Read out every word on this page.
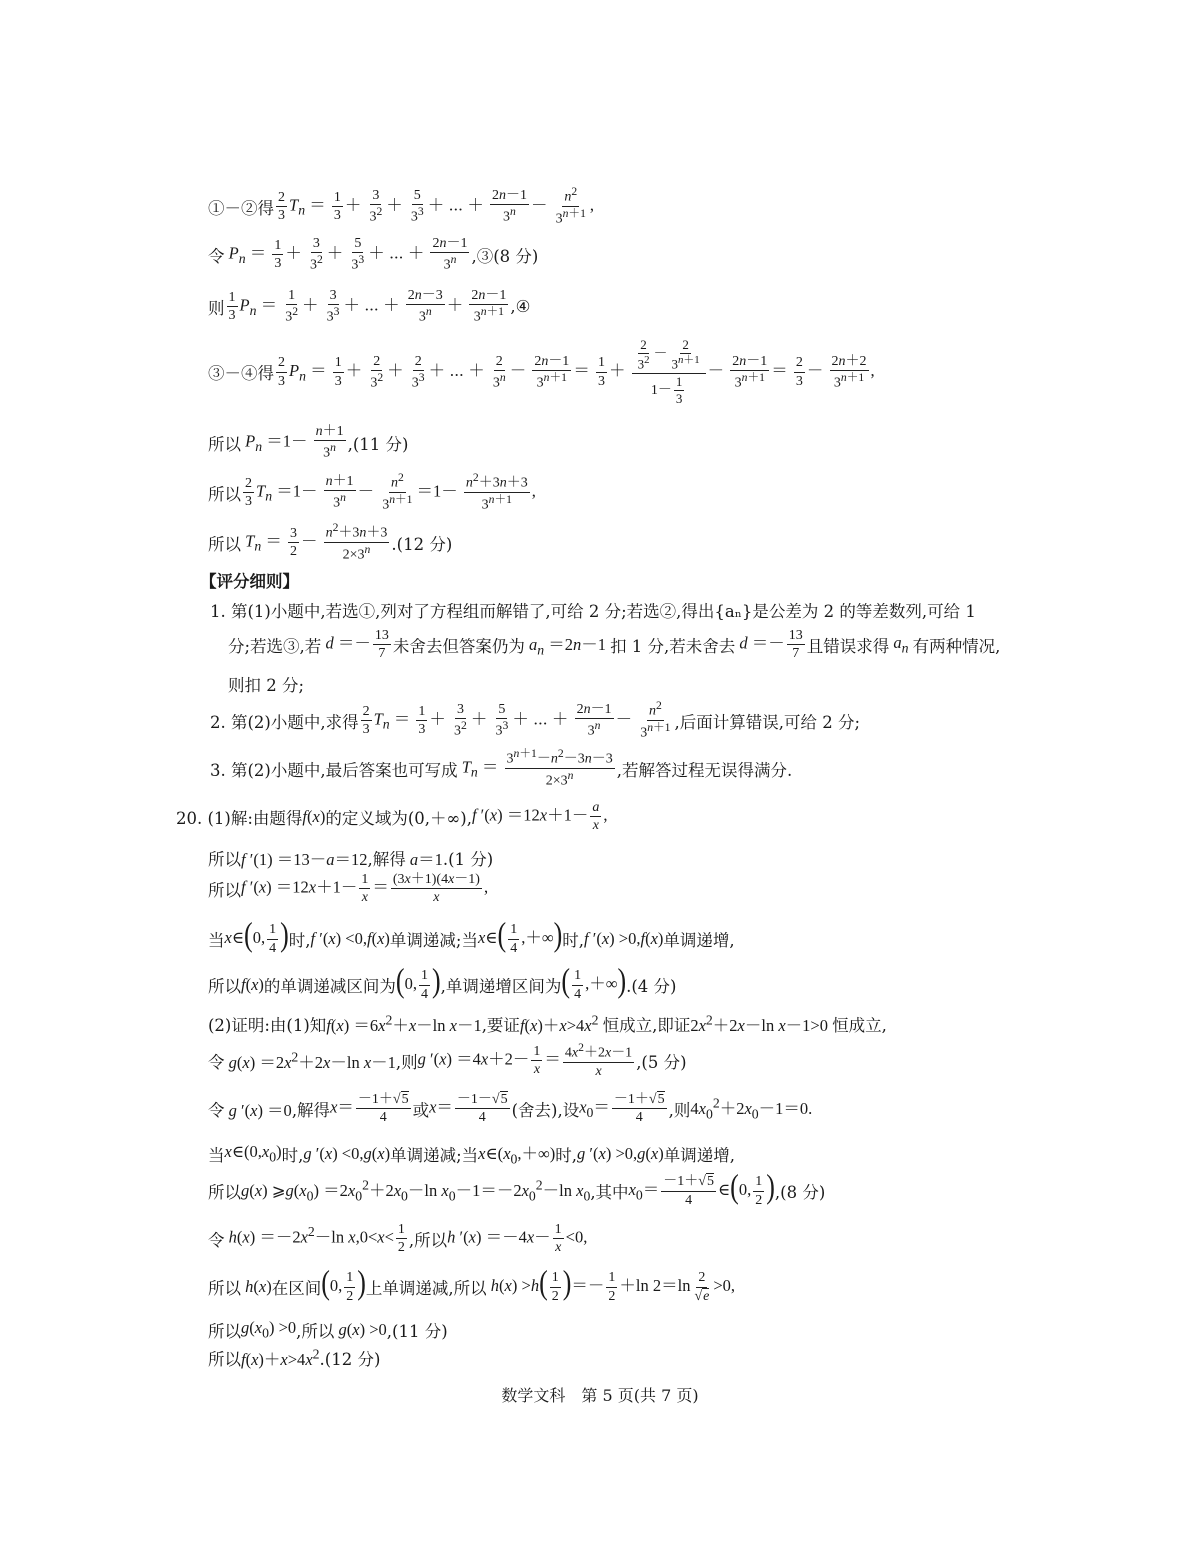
①－②得 $\frac{2}{3} T_n = \frac{1}{3} + \frac{3}{3^2} + \frac{5}{3^3}$ ＋ ⋯ ＋ $\frac{2n-1}{3^n} - \frac{n^2}{3^{n+1}}$ ,
令 $P_n = \frac{1}{3} + \frac{3}{3^2} + \frac{5}{3^3}$ ＋ ⋯ ＋ $\frac{2n-1}{3^n}$ ,③(8 分)
则 $\frac{1}{3} P_n = \frac{1}{3^2} + \frac{3}{3^3}$ ＋ ⋯ ＋ $\frac{2n-3}{3^n} + \frac{2n-1}{3^{n+1}}$ ,④
③－④得 $\frac{2}{3} P_n = \frac{1}{3} + \frac{2}{3^2} + \frac{2}{3^3}$ ＋ ⋯ ＋ $\frac{2}{3^n} - \frac{2n-1}{3^{n+1}} = \frac{1}{3} + \frac{\frac{2}{3^2} - \frac{2}{3^{n+1}}}{1- \frac{1}{3}} - \frac{2n-1}{3^{n+1}} = \frac{2}{3} - \frac{2n+2}{3^{n+1}}$ ,
所以 $P_n =1- \frac{n+1}{3^n} ,(11$ 分)
所以 $\frac{2}{3} T_n =1- \frac{n+1}{3^n} - \frac{n^2}{3^{n+1}} =1- \frac{n^2+3n+3}{3^{n+1}}$ ,
所以 $T_n = \frac{3}{2} - \frac{n^2+3n+3}{2\times 3^n} .(12$ 分)
【评分细则】
1. 第(1)小题中,若选①,列对了方程组而解错了,可给 2 分;若选②,得出{aₙ}是公差为 2 的等差数列,可给 1
分;若选③,若 $d =- \frac{13}{7}$ 未舍去但答案仍为 $a_n =2n-1$ 扣 1 分,若未舍去 $d =- \frac{13}{7}$ 且错误求得 $a_n$ 有两种情况,
则扣 2 分;
2. 第(2)小题中,求得 $\frac{2}{3} T_n = \frac{1}{3} + \frac{3}{3^2} + \frac{5}{3^3}$ ＋ ⋯ ＋ $\frac{2n-1}{3^n} - \frac{n^2}{3^{n+1}}$ ,后面计算错误,可给 2 分;
3. 第(2)小题中,最后答案也可写成 $T_n = \frac{3^{n+1}-n^2-3n-3}{2\times 3^n}$ ,若解答过程无误得满分.
20. (1)解:由题得 f(x) 的定义域为(0,＋∞), f $'(x) =12x+1- \frac{a}{x}$ ,
所以 f ′(1) ＝13－a＝12 ,解得 a＝1 .(1 分)
所以 f $'(x) =12x+1- \frac{1}{x} = \frac{(3x+1)(4x-1)}{x}$ ,
当 x∈(0, $\frac{1}{4}$ ) 时, f ′(x) <0,f(x) 单调递减;当 x∈( $\frac{1}{4}$ ,＋∞) 时, f ′(x) >0,f(x) 单调递增,
所以 f(x) 的单调递减区间为 (0, $\frac{1}{4}$ ) ,单调递增区间为 ( $\frac{1}{4}$ ,＋∞) .(4 分)
(2)证明:由(1)知 $f(x) =6x^2+x-\ln$ x－1 ,要证 $f(x)+x>4x^2$ 恒成立,即证 $2x^2+2x-\ln$ x－1>0 恒成立,
令 $g(x) =2x^2+2x-\ln$ x－1 ,则 g $'(x) =4x+2- \frac{1}{x} = \frac{4x^2+2x-1}{x} ,(5$ 分)
令 g ′(x) ＝0 ,解得 $x= \frac{-1+√5}{4}$ 或 $x= \frac{-1-√5}{4}$ (舍去),设 $x_0= \frac{-1+√5}{4}$ ,则 $4x_0^2+2x_0-1=0$.
当 $x\in(0,x_0)$ 时, g ′(x) <0,g(x) 单调递减;当 $x\in(x_0,+\infty)$ 时, g ′(x) >0,g(x) 单调递增,
所以 g(x) $⩾g(x_0) =2x_0^2+2x_0-\ln$ $x_0-1=-2x_0^2-\ln$ $x_0$ ,其中 $x_0= \frac{-1+√5}{4}$ ∈(0, $\frac{1}{2}$ ) ,(8 分)
令 $h(x) =-2x^2-\ln$ $x,0<x< \frac{1}{2}$ ,所以 h $'(x) =-4x- \frac{1}{x} <0$,
所以 h(x) 在区间 (0, $\frac{1}{2}$ ) 上单调递减,所以 $h(x) >h( \frac{1}{2}$ )＝－ $\frac{1}{2} +\ln$ $2=\ln \frac{2}{√e} >0$,
所以 $g(x_0) >0$ ,所以 g(x) >0 ,(11 分)
所以 $f(x)+x>4x^2$ .(12 分)
数学文科　第 5 页(共 7 页)
